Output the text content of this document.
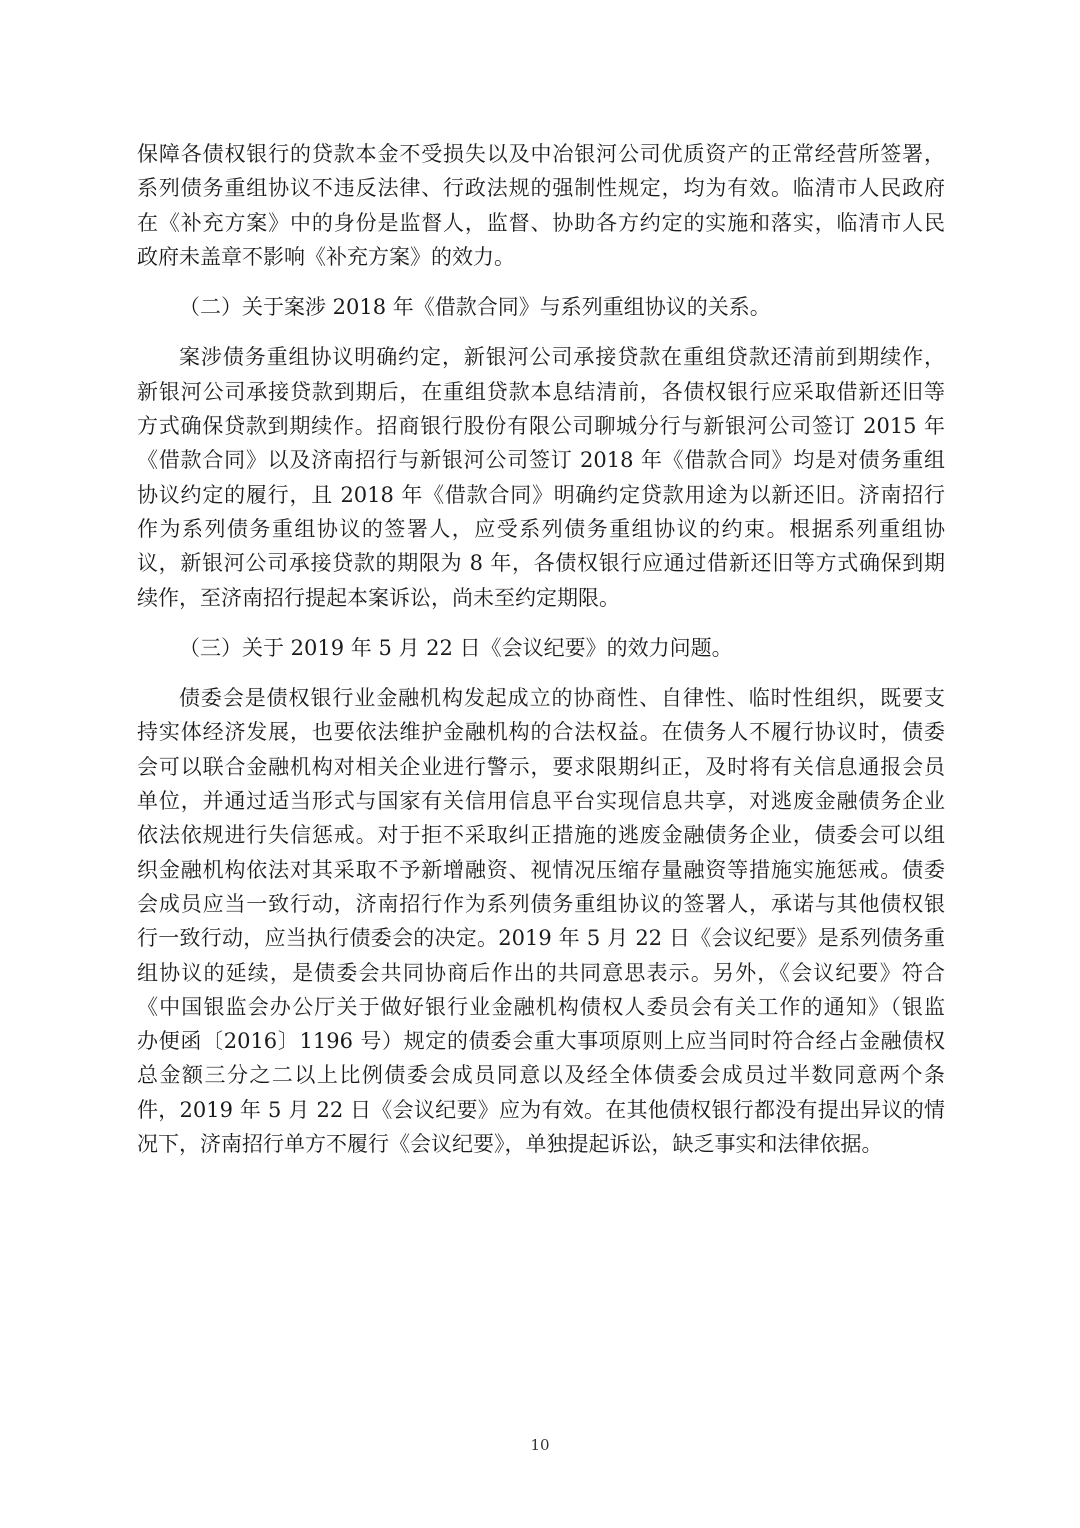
保障各债权银行的贷款本金不受损失以及中冶银河公司优质资产的正常经营所签署，
系列债务重组协议不违反法律、行政法规的强制性规定，均为有效。临清市人民政府
在《补充方案》中的身份是监督人，监督、协助各方约定的实施和落实，临清市人民
政府未盖章不影响《补充方案》的效力。
（二）关于案涉 2018 年《借款合同》与系列重组协议的关系。
案涉债务重组协议明确约定，新银河公司承接贷款在重组贷款还清前到期续作，
新银河公司承接贷款到期后，在重组贷款本息结清前，各债权银行应采取借新还旧等
方式确保贷款到期续作。招商银行股份有限公司聊城分行与新银河公司签订 2015 年
《借款合同》以及济南招行与新银河公司签订 2018 年《借款合同》均是对债务重组
协议约定的履行，且 2018 年《借款合同》明确约定贷款用途为以新还旧。济南招行
作为系列债务重组协议的签署人，应受系列债务重组协议的约束。根据系列重组协
议，新银河公司承接贷款的期限为 8 年，各债权银行应通过借新还旧等方式确保到期
续作，至济南招行提起本案诉讼，尚未至约定期限。
（三）关于 2019 年 5 月 22 日《会议纪要》的效力问题。
债委会是债权银行业金融机构发起成立的协商性、自律性、临时性组织，既要支
持实体经济发展，也要依法维护金融机构的合法权益。在债务人不履行协议时，债委
会可以联合金融机构对相关企业进行警示，要求限期纠正，及时将有关信息通报会员
单位，并通过适当形式与国家有关信用信息平台实现信息共享，对逃废金融债务企业
依法依规进行失信惩戒。对于拒不采取纠正措施的逃废金融债务企业，债委会可以组
织金融机构依法对其采取不予新增融资、视情况压缩存量融资等措施实施惩戒。债委
会成员应当一致行动，济南招行作为系列债务重组协议的签署人，承诺与其他债权银
行一致行动，应当执行债委会的决定。2019 年 5 月 22 日《会议纪要》是系列债务重
组协议的延续，是债委会共同协商后作出的共同意思表示。另外，《会议纪要》符合
《中国银监会办公厅关于做好银行业金融机构债权人委员会有关工作的通知》（银监
办便函〔2016〕1196 号）规定的债委会重大事项原则上应当同时符合经占金融债权
总金额三分之二以上比例债委会成员同意以及经全体债委会成员过半数同意两个条
件，2019 年 5 月 22 日《会议纪要》应为有效。在其他债权银行都没有提出异议的情
况下，济南招行单方不履行《会议纪要》，单独提起诉讼，缺乏事实和法律依据。
10
